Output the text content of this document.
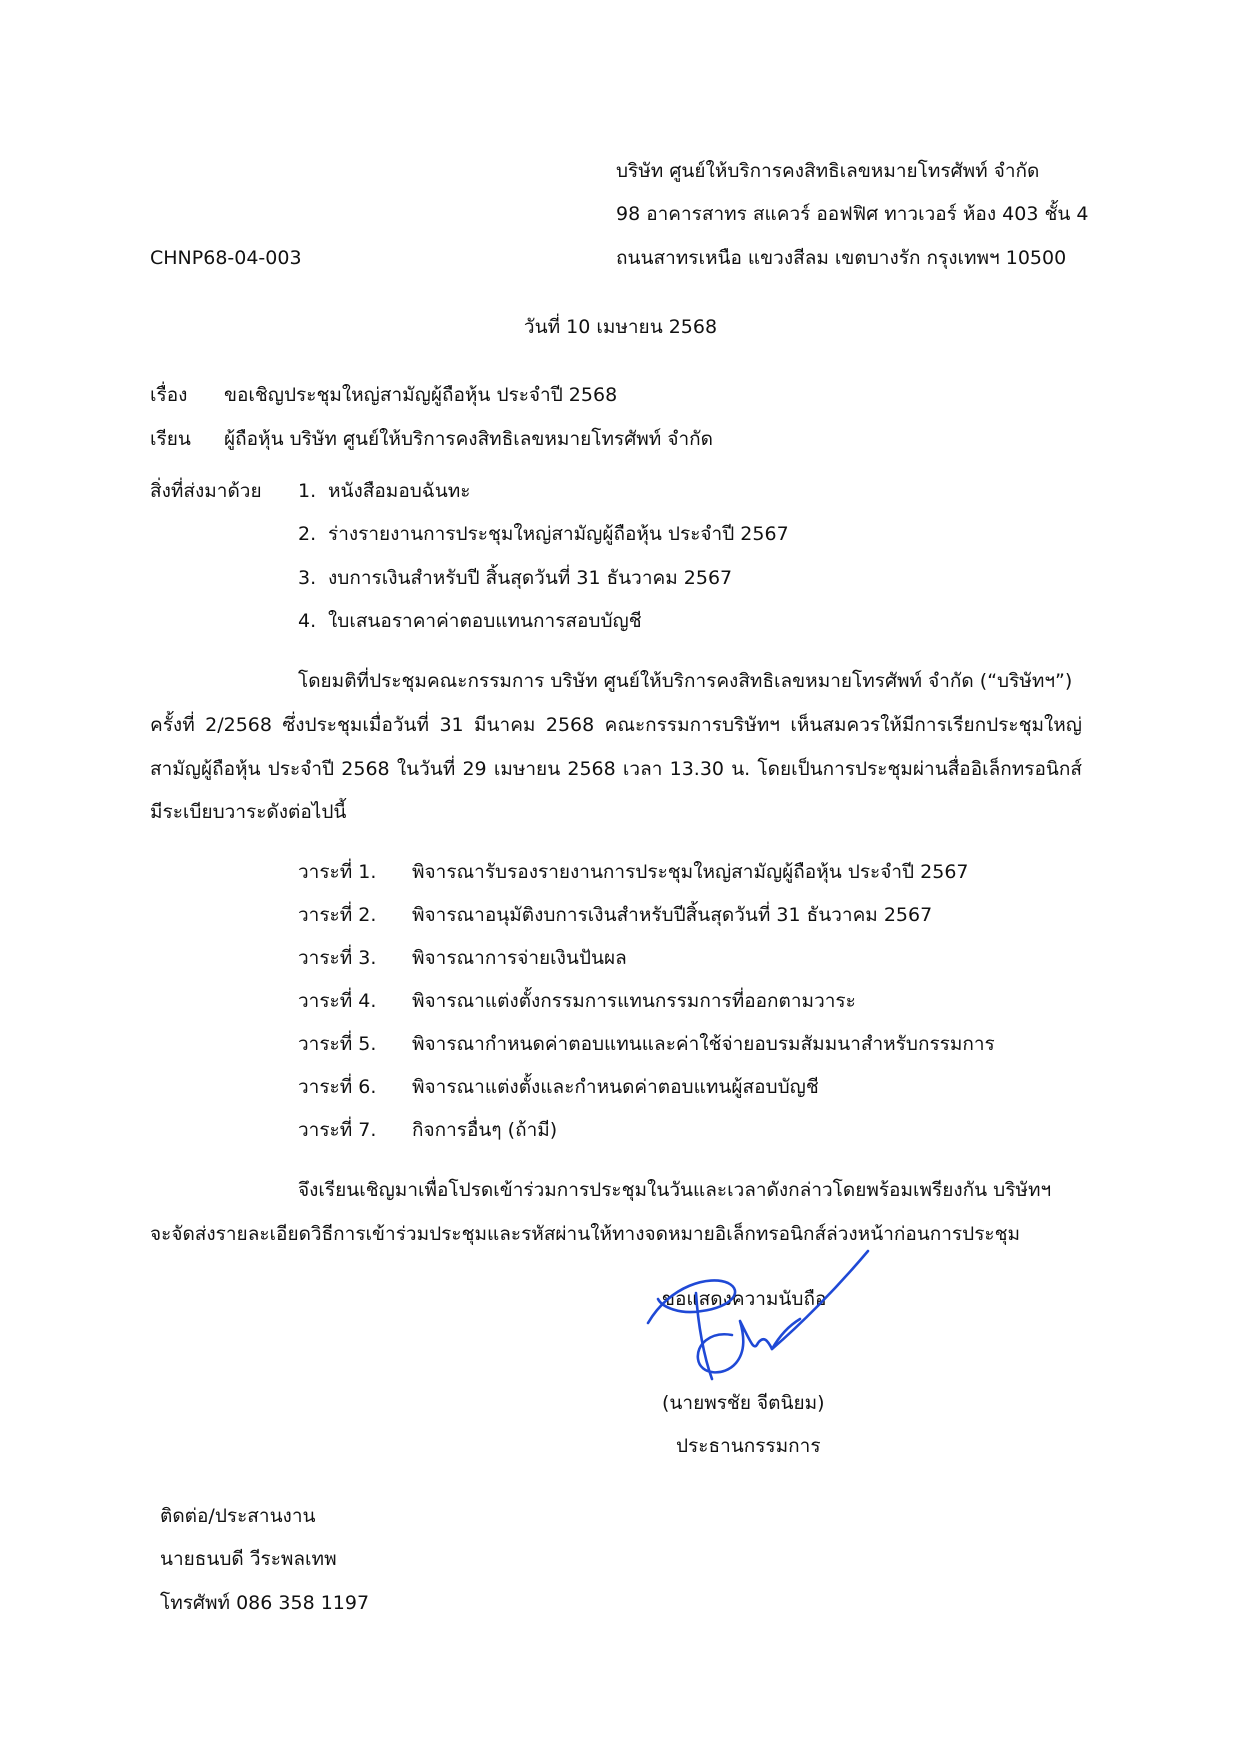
บริษัท ศูนย์ให้บริการคงสิทธิเลขหมายโทรศัพท์ จำกัด
98 อาคารสาทร สแควร์ ออฟฟิศ ทาวเวอร์ ห้อง 403 ชั้น 4
ถนนสาทรเหนือ แขวงสีลม เขตบางรัก กรุงเทพฯ 10500
CHNP68-04-003
วันที่ 10 เมษายน 2568
เรื่อง ขอเชิญประชุมใหญ่สามัญผู้ถือหุ้น ประจำปี 2568
เรียน ผู้ถือหุ้น บริษัท ศูนย์ให้บริการคงสิทธิเลขหมายโทรศัพท์ จำกัด
สิ่งที่ส่งมาด้วย 1. หนังสือมอบฉันทะ
2. ร่างรายงานการประชุมใหญ่สามัญผู้ถือหุ้น ประจำปี 2567
3. งบการเงินสำหรับปี สิ้นสุดวันที่ 31 ธันวาคม 2567
4. ใบเสนอราคาค่าตอบแทนการสอบบัญชี
โดยมติที่ประชุมคณะกรรมการ บริษัท ศูนย์ให้บริการคงสิทธิเลขหมายโทรศัพท์ จำกัด (“บริษัทฯ”)
ครั้งที่ 2/2568 ซึ่งประชุมเมื่อวันที่ 31 มีนาคม 2568 คณะกรรมการบริษัทฯ เห็นสมควรให้มีการเรียกประชุมใหญ่
สามัญผู้ถือหุ้น ประจำปี 2568 ในวันที่ 29 เมษายน 2568 เวลา 13.30 น. โดยเป็นการประชุมผ่านสื่ออิเล็กทรอนิกส์
มีระเบียบวาระดังต่อไปนี้
วาระที่ 1. พิจารณารับรองรายงานการประชุมใหญ่สามัญผู้ถือหุ้น ประจำปี 2567
วาระที่ 2. พิจารณาอนุมัติงบการเงินสำหรับปีสิ้นสุดวันที่ 31 ธันวาคม 2567
วาระที่ 3. พิจารณาการจ่ายเงินปันผล
วาระที่ 4. พิจารณาแต่งตั้งกรรมการแทนกรรมการที่ออกตามวาระ
วาระที่ 5. พิจารณากำหนดค่าตอบแทนและค่าใช้จ่ายอบรมสัมมนาสำหรับกรรมการ
วาระที่ 6. พิจารณาแต่งตั้งและกำหนดค่าตอบแทนผู้สอบบัญชี
วาระที่ 7. กิจการอื่นๆ (ถ้ามี)
จึงเรียนเชิญมาเพื่อโปรดเข้าร่วมการประชุมในวันและเวลาดังกล่าวโดยพร้อมเพรียงกัน บริษัทฯ
จะจัดส่งรายละเอียดวิธีการเข้าร่วมประชุมและรหัสผ่านให้ทางจดหมายอิเล็กทรอนิกส์ล่วงหน้าก่อนการประชุม
ขอแสดงความนับถือ
(นายพรชัย จีตนิยม)
ประธานกรรมการ
ติดต่อ/ประสานงาน
นายธนบดี วีระพลเทพ
โทรศัพท์ 086 358 1197
